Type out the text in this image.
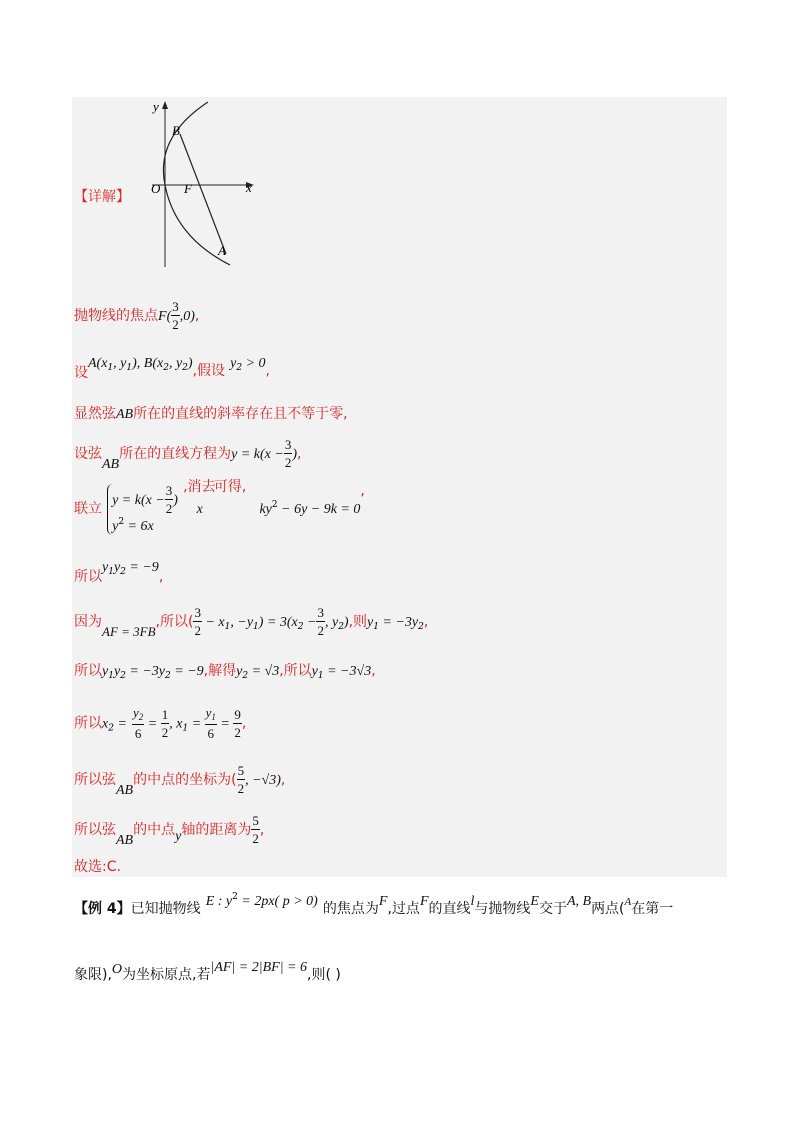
y
x
B
O F
A
【详解】
抛物线的焦点$F( \frac{3}{2} ,0)$,
设$A(x_1$, $y_1$), $B(x_2$, $y_2$),假设 $y_2 > 0$,
显然弦AB所在的直线的斜率存在且不等于零,
设弦AB所在的直线方程为$y = k(x - \frac{3}{2}$ ),
联立
$y = k(x - \frac{3}{2}$ )
$y^2 = 6x$
,消去 x 可得, $ky_2 - 6y - 9k = 0$,
所以$y_1y_2 = -9$,
因为$_{AF = 3FB}$,所以( $\frac{3}{2} - x_1$, $-y_1) = 3(x_2 - \frac{3}{2}$ , $y_2$),则$y_1 = -3y_2$,
所以$y_1y_2 = -3y_2 = -9$,解得$y_2 = √3$,所以$y_1 = -3√3$,
所以$x_2 = \frac{y_2}{6} = \frac{1}{2}$ , $x_1 = \frac{y_1}{6} = \frac{9}{2}$ ,
所以弦AB的中点的坐标为( $\frac{5}{2}$ , −√3),
所以弦AB的中点y轴的距离为 $\frac{5}{2}$ ,
故选:C.
【例 4】已知抛物线 E : $y^2 = 2px$( p > 0) 的焦点为F,过点F的直线l与抛物线E交于A, B两点($^A$在第一
象限),O为坐标原点,若|AF| = 2|BF| = 6,则( )
